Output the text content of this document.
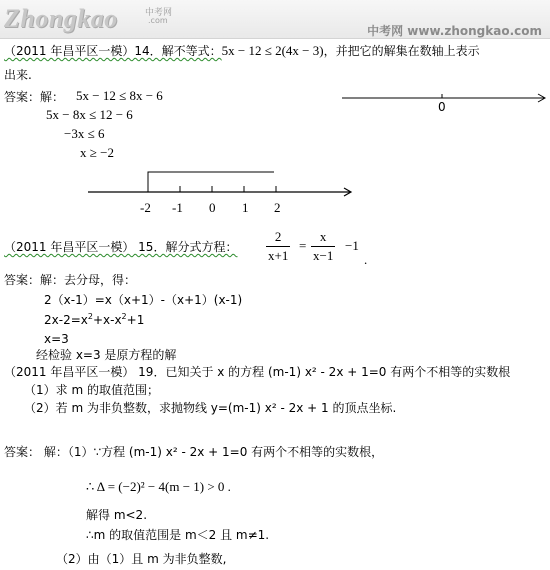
Zhongkao	中考网
.com
中考网 www.zhongkao.com
（2011 年昌平区一模）14．解不等式：5x − 12 ≤ 2(4x − 3)，并把它的解集在数轴上表示
出来.
0
答案：解： 5x − 12 ≤ 8x − 6
5x − 8x ≤ 12 − 6
−3x ≤ 6
x ≥ −2
-2 -1 0 1 2
（2011 年昌平区一模） 15．解分式方程： $\frac{2}{x+1} = \frac{x}{x-1} -1$
.
答案：解：去分母，得：
2（x-1）=x（x+1）-（x+1）(x-1)
$2x-2=x^2+x-x^2+1$
x=3
经检验 x=3 是原方程的解
（2011 年昌平区一模） 19．已知关于 x 的方程 (m-1) x² - 2x + 1=0 有两个不相等的实数根
（1）求 m 的取值范围；
（2）若 m 为非负整数，求抛物线 y=(m-1) x² - 2x + 1 的顶点坐标.
答案： 解：（1）∵方程 (m-1) x² - 2x + 1=0 有两个不相等的实数根，
∴ Δ = (−2)² − 4(m − 1) > 0 .
解得 m<2.
∴m 的取值范围是 m＜2 且 m≠1.
（2）由（1）且 m 为非负整数,
